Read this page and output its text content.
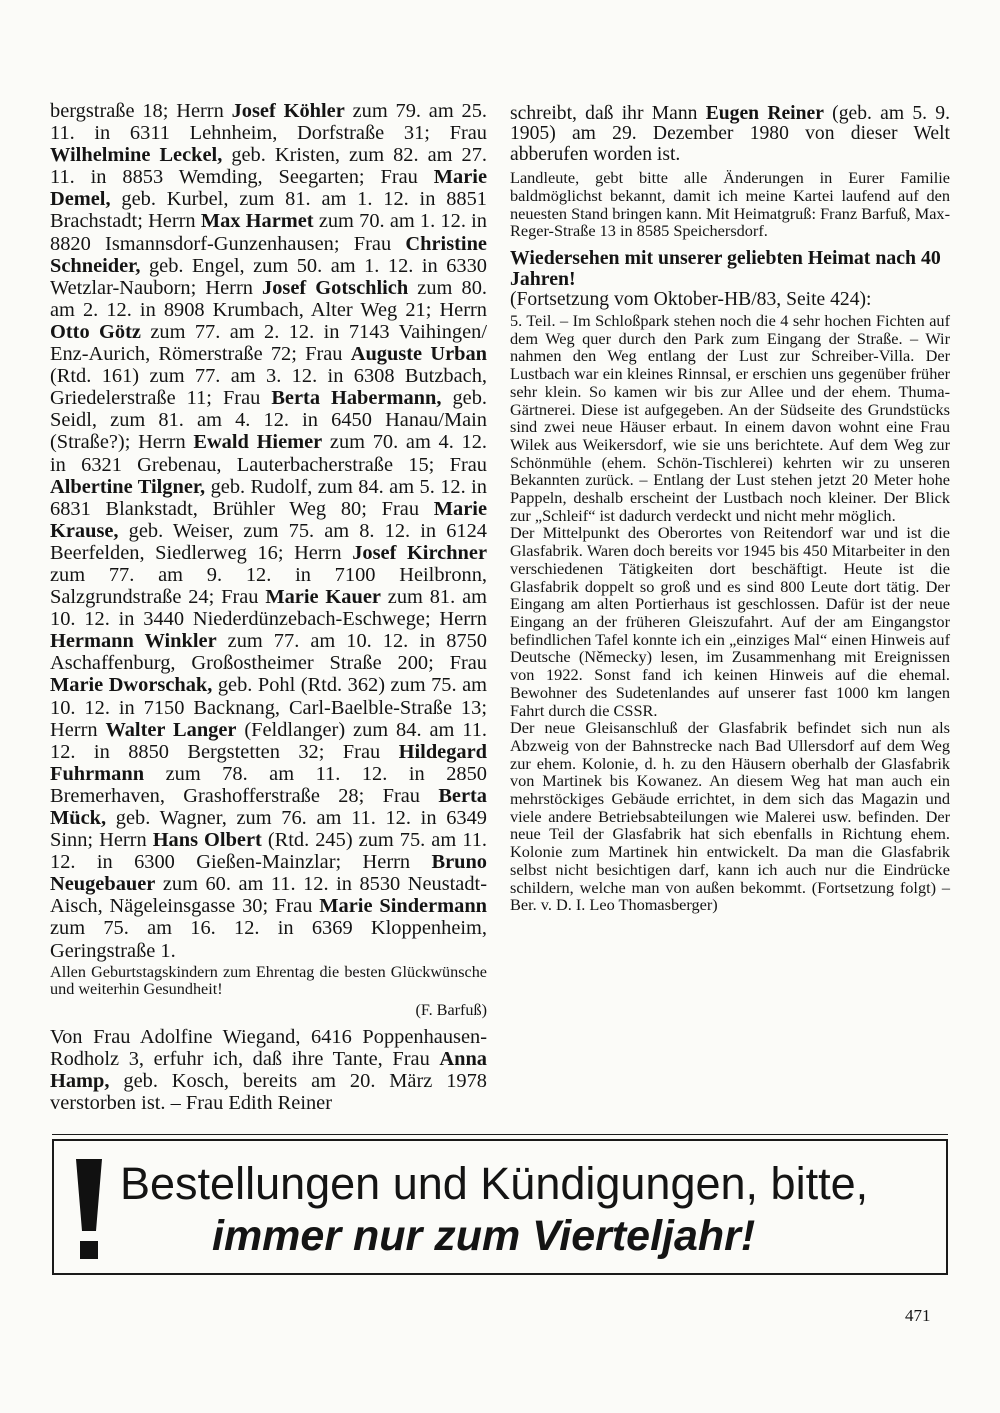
bergstraße 18; Herrn Josef Köhler zum 79. am 25. 11. in 6311 Lehnheim, Dorfstraße 31; Frau Wilhelmine Leckel, geb. Kristen, zum 82. am 27. 11. in 8853 Wemding, Seegarten; Frau Marie Demel, geb. Kurbel, zum 81. am 1. 12. in 8851 Brachstadt; Herrn Max Harmet zum 70. am 1. 12. in 8820 Ismannsdorf-Gunzenhausen; Frau Christine Schneider, geb. Engel, zum 50. am 1. 12. in 6330 Wetzlar-Nauborn; Herrn Josef Gotschlich zum 80. am 2. 12. in 8908 Krumbach, Alter Weg 21; Herrn Otto Götz zum 77. am 2. 12. in 7143 Vaihingen/ Enz-Aurich, Römerstraße 72; Frau Auguste Urban (Rtd. 161) zum 77. am 3. 12. in 6308 Butzbach, Griedelerstraße 11; Frau Berta Habermann, geb. Seidl, zum 81. am 4. 12. in 6450 Hanau/Main (Straße?); Herrn Ewald Hiemer zum 70. am 4. 12. in 6321 Grebenau, Lauterbacherstraße 15; Frau Albertine Tilgner, geb. Rudolf, zum 84. am 5. 12. in 6831 Blankstadt, Brühler Weg 80; Frau Marie Krause, geb. Weiser, zum 75. am 8. 12. in 6124 Beerfelden, Siedlerweg 16; Herrn Josef Kirchner zum 77. am 9. 12. in 7100 Heilbronn, Salzgrundstraße 24; Frau Marie Kauer zum 81. am 10. 12. in 3440 Niederdünzebach-Eschwege; Herrn Hermann Winkler zum 77. am 10. 12. in 8750 Aschaffenburg, Großostheimer Straße 200; Frau Marie Dworschak, geb. Pohl (Rtd. 362) zum 75. am 10. 12. in 7150 Backnang, Carl-Baelble-Straße 13; Herrn Walter Langer (Feldlanger) zum 84. am 11. 12. in 8850 Bergstetten 32; Frau Hildegard Fuhrmann zum 78. am 11. 12. in 2850 Bremerhaven, Grashofferstraße 28; Frau Berta Mück, geb. Wagner, zum 76. am 11. 12. in 6349 Sinn; Herrn Hans Olbert (Rtd. 245) zum 75. am 11. 12. in 6300 Gießen-Mainzlar; Herrn Bruno Neugebauer zum 60. am 11. 12. in 8530 Neustadt-Aisch, Nägeleinsgasse 30; Frau Marie Sindermann zum 75. am 16. 12. in 6369 Kloppenheim, Geringstraße 1.

Allen Geburtstagskindern zum Ehrentag die besten Glückwünsche und weiterhin Gesundheit!

(F. Barfuß)

Von Frau Adolfine Wiegand, 6416 Poppenhausen-Rodholz 3, erfuhr ich, daß ihre Tante, Frau Anna Hamp, geb. Kosch, bereits am 20. März 1978 verstorben ist. – Frau Edith Reiner

schreibt, daß ihr Mann Eugen Reiner (geb. am 5. 9. 1905) am 29. Dezember 1980 von dieser Welt abberufen worden ist.

Landleute, gebt bitte alle Änderungen in Eurer Familie baldmöglichst bekannt, damit ich meine Kartei laufend auf den neuesten Stand bringen kann. Mit Heimatgruß: Franz Barfuß, Max-Reger-Straße 13 in 8585 Speichersdorf.

Wiedersehen mit unserer geliebten Heimat nach 40 Jahren!

(Fortsetzung vom Oktober-HB/83, Seite 424):

5. Teil. – Im Schloßpark stehen noch die 4 sehr hochen Fichten auf dem Weg quer durch den Park zum Eingang der Straße. – Wir nahmen den Weg entlang der Lust zur Schreiber-Villa. Der Lustbach war ein kleines Rinnsal, er erschien uns gegenüber früher sehr klein. So kamen wir bis zur Allee und der ehem. Thuma-Gärtnerei. Diese ist aufgegeben. An der Südseite des Grundstücks sind zwei neue Häuser erbaut. In einem davon wohnt eine Frau Wilek aus Weikersdorf, wie sie uns berichtete. Auf dem Weg zur Schönmühle (ehem. Schön-Tischlerei) kehrten wir zu unseren Bekannten zurück. – Entlang der Lust stehen jetzt 20 Meter hohe Pappeln, deshalb erscheint der Lustbach noch kleiner. Der Blick zur „Schleif“ ist dadurch verdeckt und nicht mehr möglich.

Der Mittelpunkt des Oberortes von Reitendorf war und ist die Glasfabrik. Waren doch bereits vor 1945 bis 450 Mitarbeiter in den verschiedenen Tätigkeiten dort beschäftigt. Heute ist die Glasfabrik doppelt so groß und es sind 800 Leute dort tätig. Der Eingang am alten Portierhaus ist geschlossen. Dafür ist der neue Eingang an der früheren Gleiszufahrt. Auf der am Eingangstor befindlichen Tafel konnte ich ein „einziges Mal“ einen Hinweis auf Deutsche (Německy) lesen, im Zusammenhang mit Ereignissen von 1922. Sonst fand ich keinen Hinweis auf die ehemal. Bewohner des Sudetenlandes auf unserer fast 1000 km langen Fahrt durch die CSSR.

Der neue Gleisanschluß der Glasfabrik befindet sich nun als Abzweig von der Bahnstrecke nach Bad Ullersdorf auf dem Weg zur ehem. Kolonie, d. h. zu den Häusern oberhalb der Glasfabrik von Martinek bis Kowanez. An diesem Weg hat man auch ein mehrstöckiges Gebäude errichtet, in dem sich das Magazin und viele andere Betriebsabteilungen wie Malerei usw. befinden. Der neue Teil der Glasfabrik hat sich ebenfalls in Richtung ehem. Kolonie zum Martinek hin entwickelt. Da man die Glasfabrik selbst nicht besichtigen darf, kann ich auch nur die Eindrücke schildern, welche man von außen bekommt. (Fortsetzung folgt) – Ber. v. D. I. Leo Thomasberger)

Bestellungen und Kündigungen, bitte,
immer nur zum Vierteljahr!
471
